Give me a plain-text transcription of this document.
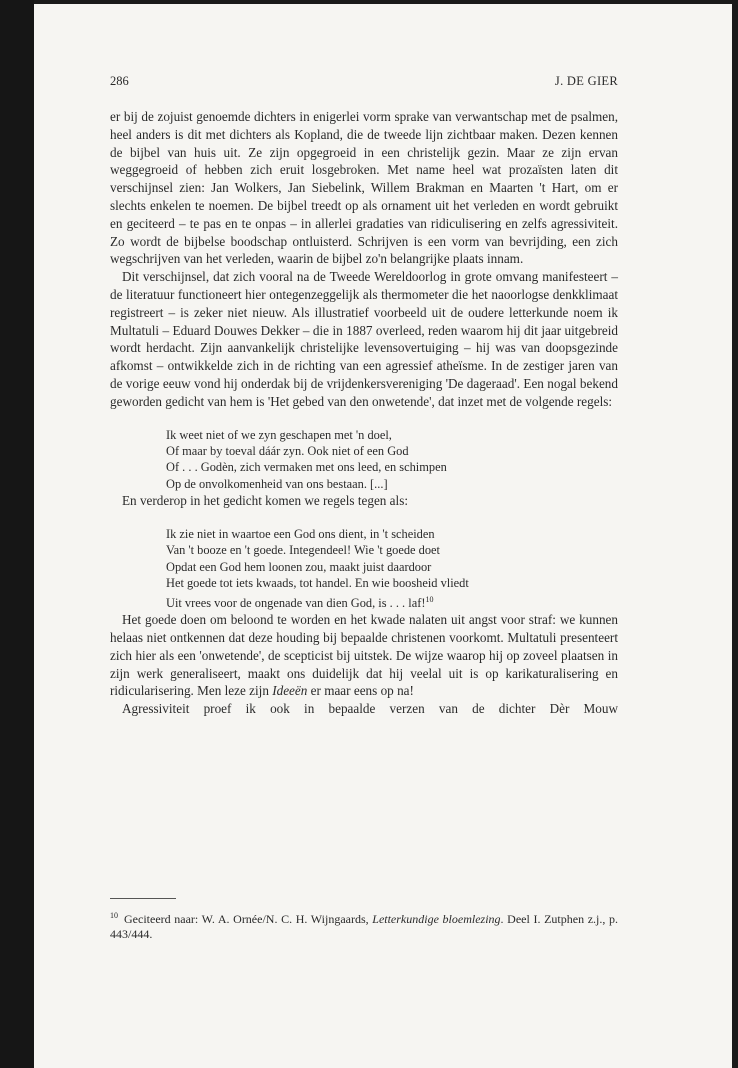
286	J. DE GIER

er bij de zojuist genoemde dichters in enigerlei vorm sprake van verwantschap met de psalmen, heel anders is dit met dichters als Kopland, die de tweede lijn zichtbaar maken. Dezen kennen de bijbel van huis uit. Ze zijn opgegroeid in een christelijk gezin. Maar ze zijn ervan weggegroeid of hebben zich eruit losgebroken. Met name heel wat prozaïsten laten dit verschijnsel zien: Jan Wolkers, Jan Siebelink, Willem Brakman en Maarten 't Hart, om er slechts enkelen te noemen. De bijbel treedt op als ornament uit het verleden en wordt gebruikt en geciteerd – te pas en te onpas – in allerlei gradaties van ridiculisering en zelfs agressiviteit. Zo wordt de bijbelse boodschap ontluisterd. Schrijven is een vorm van bevrijding, een zich wegschrijven van het verleden, waarin de bijbel zo'n belangrijke plaats innam.

Dit verschijnsel, dat zich vooral na de Tweede Wereldoorlog in grote omvang manifesteert – de literatuur functioneert hier ontegenzeggelijk als thermometer die het naoorlogse denkklimaat registreert – is zeker niet nieuw. Als illustratief voorbeeld uit de oudere letterkunde noem ik Multatuli – Eduard Douwes Dekker – die in 1887 overleed, reden waarom hij dit jaar uitgebreid wordt herdacht. Zijn aanvankelijk christelijke levensovertuiging – hij was van doopsgezinde afkomst – ontwikkelde zich in de richting van een agressief atheïsme. In de zestiger jaren van de vorige eeuw vond hij onderdak bij de vrijdenkersvereniging 'De dageraad'. Een nogal bekend geworden gedicht van hem is 'Het gebed van den onwetende', dat inzet met de volgende regels:

Ik weet niet of we zyn geschapen met 'n doel,
Of maar by toeval dáár zyn. Ook niet of een God
Of . . . Godèn, zich vermaken met ons leed, en schimpen
Op de onvolkomenheid van ons bestaan. [...]

En verderop in het gedicht komen we regels tegen als:

Ik zie niet in waartoe een God ons dient, in 't scheiden
Van 't booze en 't goede. Integendeel! Wie 't goede doet
Opdat een God hem loonen zou, maakt juist daardoor
Het goede tot iets kwaads, tot handel. En wie boosheid vliedt
Uit vrees voor de ongenade van dien God, is . . . laf!$^{10}$

Het goede doen om beloond te worden en het kwade nalaten uit angst voor straf: we kunnen helaas niet ontkennen dat deze houding bij bepaalde christenen voorkomt. Multatuli presenteert zich hier als een 'onwetende', de scepticist bij uitstek. De wijze waarop hij op zoveel plaatsen in zijn werk generaliseert, maakt ons duidelijk dat hij veelal uit is op karikaturalisering en ridicularisering. Men leze zijn Ideeën er maar eens op na!

Agressiviteit proef ik ook in bepaalde verzen van de dichter Dèr Mouw

$^{10}$ Geciteerd naar: W. A. Ornée/N. C. H. Wijngaards, Letterkundige bloemlezing. Deel I. Zutphen z.j., p. 443/444.
